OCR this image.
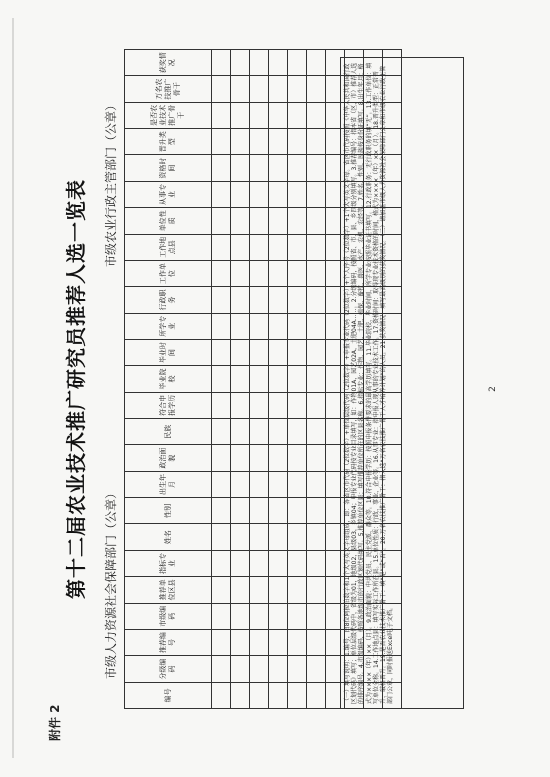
附件 2
第十二届农业技术推广研究员推荐人选一览表 市级人力资源社会保障部门（公章）
市级农业行政主管部门（公章）
编号	分级编码	推荐编号	市级编码	推荐单位区县	指标专业	姓名	性别	出生年月	政治面貌	民族	符合申报学历	毕业院校	毕业时间	所学专业	行政职务	工作单位	工作地点县	单位性质	从事专业	资格时间	晋升类型	是否农业技术推广骨干	万名农技推广骨干	获奖情况

（一）填写说明：1.编号，由8位阿拉伯数字和1个大写英文字母组成，即：各省区市代码（2位数字）+单位层级代码（2位数字）+申报专业代码（2位数字）+个人序号（2位数字）+1个大写英文字母。省区市代码按照《中华人民共和国行政区划代码》填写；单位层级代码中，省级为01，地级02，县级03，乡镇04；申报专业代码按专业目录填写，如：作物01A，园艺02A，土肥04A……。2.分级编码，按照省、市、县、乡四级分别填写。3.推荐编号：指本省（区、市）推荐人选的排序编号。4.市级编码，按照各地级市的行政区划代码填写。5.推荐单位区县：填写推荐单位所在的区县名称。6.指标专业：作物、园艺、土肥、植保、畜牧、兽医、水产、农机、农经等。7.姓名、性别、民族按身份证填写。8.出生年月：格式为××××（年）××（月）。9.政治面貌：中共党员、民主党派、群众等。10.符合申报学历：按照申报条件要求的最高学历填写。11.毕业院校、毕业时间、所学专业按照毕业证书填写。12.行政职务：无行政职务的填“无”。13.工作单位：填写单位全称。14.工作地点县：填写实际工作所在县。15.单位性质：行政、事业、企业等。16.从事专业：指申报人现从事的专业技术工作。17.资格时间：取得现专业技术资格的时间，格式为××××（年）××（月）。18.晋升类型：正常晋升、破格晋升。19.是否农业技术推广骨干：填“是”或“否”。20.万名农技推广骨干：指入选“万名农技推广骨干人才培养计划”的人员。21.获奖情况：填写最高级别的获奖情况。（二）请加盖市级人力资源社会保障部门公章和市级农业行政主管部门公章，同时报送Excel电子文档。
2
